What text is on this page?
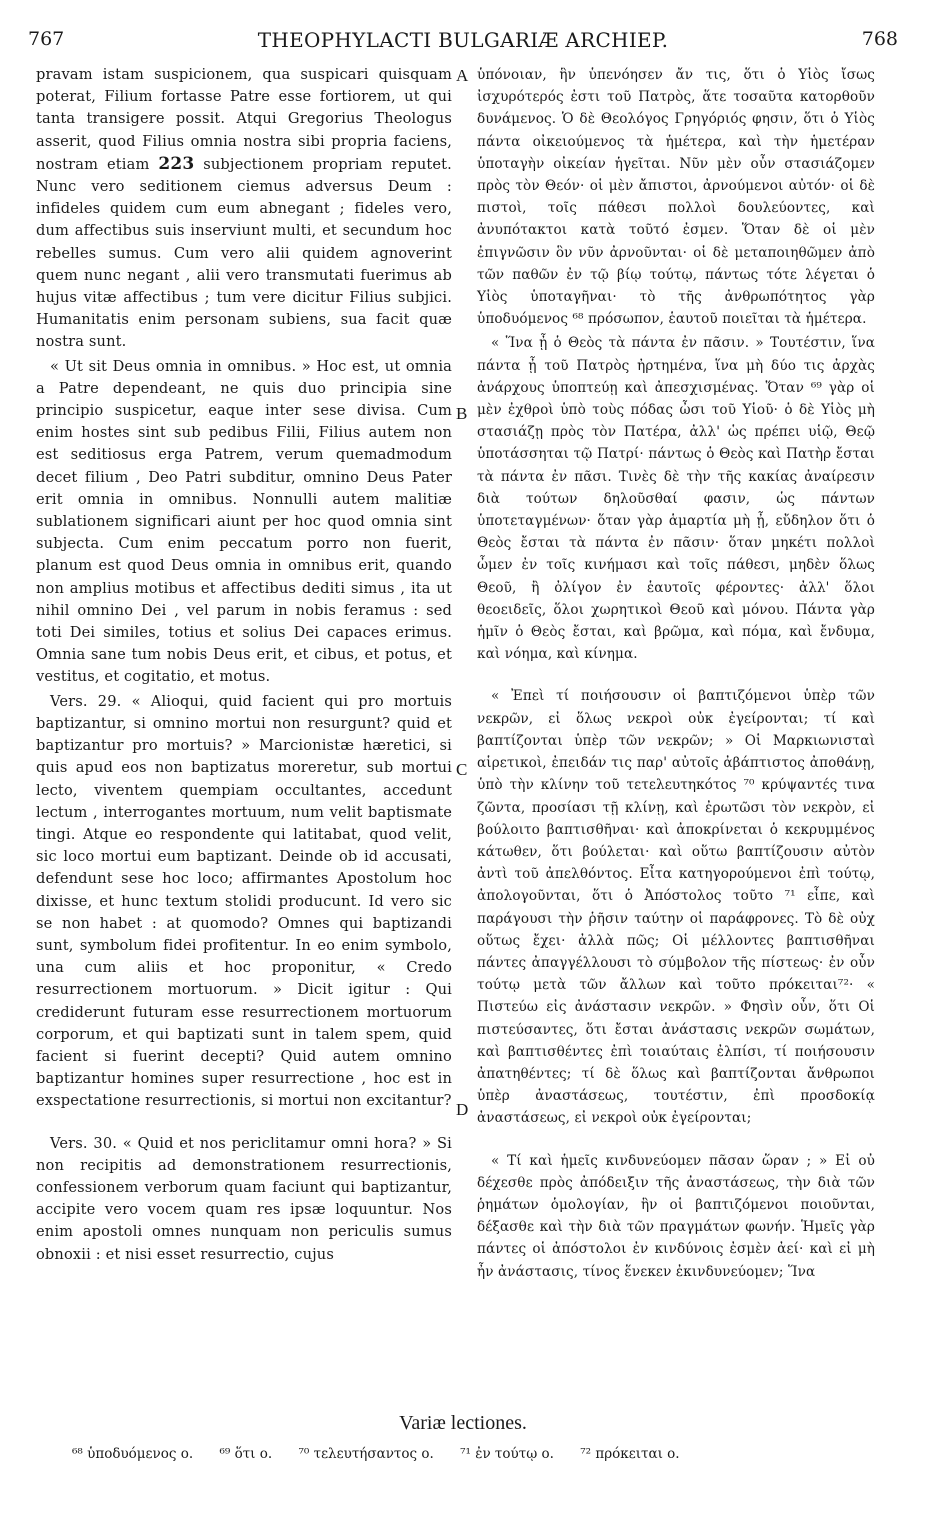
767	THEOPHYLACTI BULGARIÆ ARCHIEP.	768

pravam istam suspicionem, qua suspicari quisquam poterat, Filium fortasse Patre esse fortiorem, ut qui tanta transigere possit. Atqui Gregorius Theologus asserit, quod Filius omnia nostra sibi propria faciens, nostram etiam 223 subjectionem propriam reputet. Nunc vero seditionem ciemus adversus Deum : infideles quidem cum eum abnegant ; fideles vero, dum affectibus suis inserviunt multi, et secundum hoc rebelles sumus. Cum vero alii quidem agnoverint quem nunc negant , alii vero transmutati fuerimus ab hujus vitæ affectibus ; tum vere dicitur Filius subjici. Humanitatis enim personam subiens, sua facit quæ nostra sunt.

« Ut sit Deus omnia in omnibus. » Hoc est, ut omnia a Patre dependeant, ne quis duo principia sine principio suspicetur, eaque inter sese divisa. Cum enim hostes sint sub pedibus Filii, Filius autem non est seditiosus erga Patrem, verum quemadmodum decet filium , Deo Patri subditur, omnino Deus Pater erit omnia in omnibus. Nonnulli autem malitiæ sublationem significari aiunt per hoc quod omnia sint subjecta. Cum enim peccatum porro non fuerit, planum est quod Deus omnia in omnibus erit, quando non amplius motibus et affectibus dediti simus , ita ut nihil omnino Dei , vel parum in nobis feramus : sed toti Dei similes, totius et solius Dei capaces erimus. Omnia sane tum nobis Deus erit, et cibus, et potus, et vestitus, et cogitatio, et motus.

Vers. 29. « Alioqui, quid facient qui pro mortuis baptizantur, si omnino mortui non resurgunt? quid et baptizantur pro mortuis? » Marcionistæ hæretici, si quis apud eos non baptizatus moreretur, sub mortui lecto, viventem quempiam occultantes, accedunt lectum , interrogantes mortuum, num velit baptismate tingi. Atque eo respondente qui latitabat, quod velit, sic loco mortui eum baptizant. Deinde ob id accusati, defendunt sese hoc loco; affirmantes Apostolum hoc dixisse, et hunc textum stolidi producunt. Id vero sic se non habet : at quomodo? Omnes qui baptizandi sunt, symbolum fidei profitentur. In eo enim symbolo, una cum aliis et hoc proponitur, « Credo resurrectionem mortuorum. » Dicit igitur : Qui crediderunt futuram esse resurrectionem mortuorum corporum, et qui baptizati sunt in talem spem, quid facient si fuerint decepti? Quid autem omnino baptizantur homines super resurrectione , hoc est in exspectatione resurrectionis, si mortui non excitantur?

Vers. 30. « Quid et nos periclitamur omni hora? » Si non recipitis ad demonstrationem resurrectionis, confessionem verborum quam faciunt qui baptizantur, accipite vero vocem quam res ipsæ loquuntur. Nos enim apostoli omnes nunquam non periculis sumus obnoxii : et nisi esset resurrectio, cujus

A
B
C
D

ὑπόνοιαν, ἣν ὑπενόησεν ἄν τις, ὅτι ὁ Υἱὸς ἴσως ἰσχυρότερός ἐστι τοῦ Πατρὸς, ἅτε τοσαῦτα κατορθοῦν δυνάμενος. Ὁ δὲ Θεολόγος Γρηγόριός φησιν, ὅτι ὁ Υἱὸς πάντα οἰκειούμενος τὰ ἡμέτερα, καὶ τὴν ἡμετέραν ὑποταγὴν οἰκείαν ἡγεῖται. Νῦν μὲν οὖν στασιάζομεν πρὸς τὸν Θεόν· οἱ μὲν ἄπιστοι, ἀρνούμενοι αὐτόν· οἱ δὲ πιστοὶ, τοῖς πάθεσι πολλοὶ δουλεύοντες, καὶ ἀνυπότακτοι κατὰ τοῦτό ἐσμεν. Ὅταν δὲ οἱ μὲν ἐπιγνῶσιν ὃν νῦν ἀρνοῦνται· οἱ δὲ μεταποιηθῶμεν ἀπὸ τῶν παθῶν ἐν τῷ βίῳ τούτῳ, πάντως τότε λέγεται ὁ Υἱὸς ὑποταγῆναι· τὸ τῆς ἀνθρωπότητος γὰρ ὑποδυόμενος ⁶⁸ πρόσωπον, ἑαυτοῦ ποιεῖται τὰ ἡμέτερα.

« Ἵνα ᾖ ὁ Θεὸς τὰ πάντα ἐν πᾶσιν. » Τουτέστιν, ἵνα πάντα ᾖ τοῦ Πατρὸς ἠρτημένα, ἵνα μὴ δύο τις ἀρχὰς ἀνάρχους ὑποπτεύῃ καὶ ἀπεσχισμένας. Ὅταν ⁶⁹ γὰρ οἱ μὲν ἐχθροὶ ὑπὸ τοὺς πόδας ὦσι τοῦ Υἱοῦ· ὁ δὲ Υἱὸς μὴ στασιάζῃ πρὸς τὸν Πατέρα, ἀλλ' ὡς πρέπει υἱῷ, Θεῷ ὑποτάσσηται τῷ Πατρί· πάντως ὁ Θεὸς καὶ Πατὴρ ἔσται τὰ πάντα ἐν πᾶσι. Τινὲς δὲ τὴν τῆς κακίας ἀναίρεσιν διὰ τούτων δηλοῦσθαί φασιν, ὡς πάντων ὑποτεταγμένων· ὅταν γὰρ ἁμαρτία μὴ ᾖ, εὔδηλον ὅτι ὁ Θεὸς ἔσται τὰ πάντα ἐν πᾶσιν· ὅταν μηκέτι πολλοὶ ὦμεν ἐν τοῖς κινήμασι καὶ τοῖς πάθεσι, μηδὲν ὅλως Θεοῦ, ἢ ὀλίγον ἐν ἑαυτοῖς φέροντες· ἀλλ' ὅλοι θεοειδεῖς, ὅλοι χωρητικοὶ Θεοῦ καὶ μόνου. Πάντα γὰρ ἡμῖν ὁ Θεὸς ἔσται, καὶ βρῶμα, καὶ πόμα, καὶ ἔνδυμα, καὶ νόημα, καὶ κίνημα.

« Ἐπεὶ τί ποιήσουσιν οἱ βαπτιζόμενοι ὑπὲρ τῶν νεκρῶν, εἰ ὅλως νεκροὶ οὐκ ἐγείρονται; τί καὶ βαπτίζονται ὑπὲρ τῶν νεκρῶν; » Οἱ Μαρκιωνισταὶ αἱρετικοὶ, ἐπειδάν τις παρ' αὐτοῖς ἀβάπτιστος ἀποθάνῃ, ὑπὸ τὴν κλίνην τοῦ τετελευτηκότος ⁷⁰ κρύψαντές τινα ζῶντα, προσίασι τῇ κλίνῃ, καὶ ἐρωτῶσι τὸν νεκρὸν, εἰ βούλοιτο βαπτισθῆναι· καὶ ἀποκρίνεται ὁ κεκρυμμένος κάτωθεν, ὅτι βούλεται· καὶ οὕτω βαπτίζουσιν αὐτὸν ἀντὶ τοῦ ἀπελθόντος. Εἶτα κατηγορούμενοι ἐπὶ τούτῳ, ἀπολογοῦνται, ὅτι ὁ Ἀπόστολος τοῦτο ⁷¹ εἶπε, καὶ παράγουσι τὴν ῥῆσιν ταύτην οἱ παράφρονες. Τὸ δὲ οὐχ οὕτως ἔχει· ἀλλὰ πῶς; Οἱ μέλλοντες βαπτισθῆναι πάντες ἀπαγγέλλουσι τὸ σύμβολον τῆς πίστεως· ἐν οὖν τούτῳ μετὰ τῶν ἄλλων καὶ τοῦτο πρόκειται⁷²· « Πιστεύω εἰς ἀνάστασιν νεκρῶν. » Φησὶν οὖν, ὅτι Οἱ πιστεύσαντες, ὅτι ἔσται ἀνάστασις νεκρῶν σωμάτων, καὶ βαπτισθέντες ἐπὶ τοιαύταις ἐλπίσι, τί ποιήσουσιν ἀπατηθέντες; τί δὲ ὅλως καὶ βαπτίζονται ἄνθρωποι ὑπὲρ ἀναστάσεως, τουτέστιν, ἐπὶ προσδοκίᾳ ἀναστάσεως, εἰ νεκροὶ οὐκ ἐγείρονται;

« Τί καὶ ἡμεῖς κινδυνεύομεν πᾶσαν ὥραν ; » Εἰ οὐ δέχεσθε πρὸς ἀπόδειξιν τῆς ἀναστάσεως, τὴν διὰ τῶν ῥημάτων ὁμολογίαν, ἣν οἱ βαπτιζόμενοι ποιοῦνται, δέξασθε καὶ τὴν διὰ τῶν πραγμάτων φωνήν. Ἡμεῖς γὰρ πάντες οἱ ἀπόστολοι ἐν κινδύνοις ἐσμὲν ἀεί· καὶ εἰ μὴ ἦν ἀνάστασις, τίνος ἕνεκεν ἐκινδυνεύομεν; Ἵνα

Variæ lectiones.
⁶⁸ ὑποδυόμενος ο. ⁶⁹ ὅτι ο. ⁷⁰ τελευτήσαντος ο. ⁷¹ ἐν τούτῳ ο. ⁷² πρόκειται ο.
